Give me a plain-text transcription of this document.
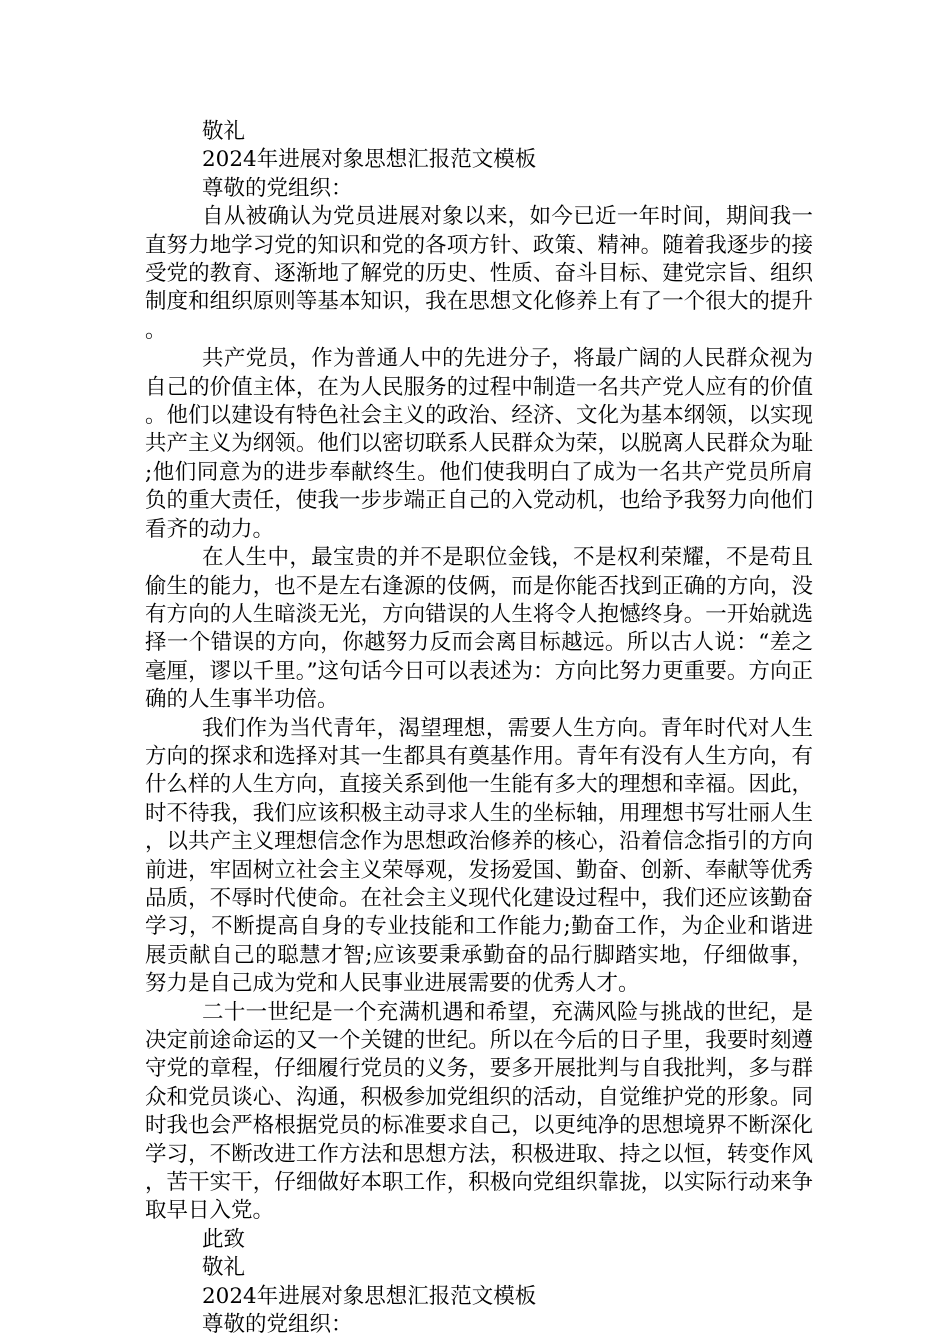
敬礼

2024年进展对象思想汇报范文模板

尊敬的党组织：

自从被确认为党员进展对象以来，如今已近一年时间，期间我一直努力地学习党的知识和党的各项方针、政策、精神。随着我逐步的接受党的教育、逐渐地了解党的历史、性质、奋斗目标、建党宗旨、组织制度和组织原则等基本知识，我在思想文化修养上有了一个很大的提升。

共产党员，作为普通人中的先进分子，将最广阔的人民群众视为自己的价值主体，在为人民服务的过程中制造一名共产党人应有的价值。他们以建设有特色社会主义的政治、经济、文化为基本纲领，以实现共产主义为纲领。他们以密切联系人民群众为荣，以脱离人民群众为耻;他们同意为的进步奉献终生。他们使我明白了成为一名共产党员所肩负的重大责任，使我一步步端正自己的入党动机，也给予我努力向他们看齐的动力。

在人生中，最宝贵的并不是职位金钱，不是权利荣耀，不是苟且偷生的能力，也不是左右逢源的伎俩，而是你能否找到正确的方向，没有方向的人生暗淡无光，方向错误的人生将令人抱憾终身。一开始就选择一个错误的方向，你越努力反而会离目标越远。所以古人说：“差之毫厘，谬以千里。”这句话今日可以表述为：方向比努力更重要。方向正确的人生事半功倍。

我们作为当代青年，渴望理想，需要人生方向。青年时代对人生方向的探求和选择对其一生都具有奠基作用。青年有没有人生方向，有什么样的人生方向，直接关系到他一生能有多大的理想和幸福。因此，时不待我，我们应该积极主动寻求人生的坐标轴，用理想书写壮丽人生，以共产主义理想信念作为思想政治修养的核心，沿着信念指引的方向前进，牢固树立社会主义荣辱观，发扬爱国、勤奋、创新、奉献等优秀品质，不辱时代使命。在社会主义现代化建设过程中，我们还应该勤奋学习，不断提高自身的专业技能和工作能力;勤奋工作，为企业和谐进展贡献自己的聪慧才智;应该要秉承勤奋的品行脚踏实地，仔细做事，努力是自己成为党和人民事业进展需要的优秀人才。

二十一世纪是一个充满机遇和希望，充满风险与挑战的世纪，是决定前途命运的又一个关键的世纪。所以在今后的日子里，我要时刻遵守党的章程，仔细履行党员的义务，要多开展批判与自我批判，多与群众和党员谈心、沟通，积极参加党组织的活动，自觉维护党的形象。同时我也会严格根据党员的标准要求自己，以更纯净的思想境界不断深化学习，不断改进工作方法和思想方法，积极进取、持之以恒，转变作风，苦干实干，仔细做好本职工作，积极向党组织靠拢，以实际行动来争取早日入党。

此致

敬礼

2024年进展对象思想汇报范文模板

尊敬的党组织：
